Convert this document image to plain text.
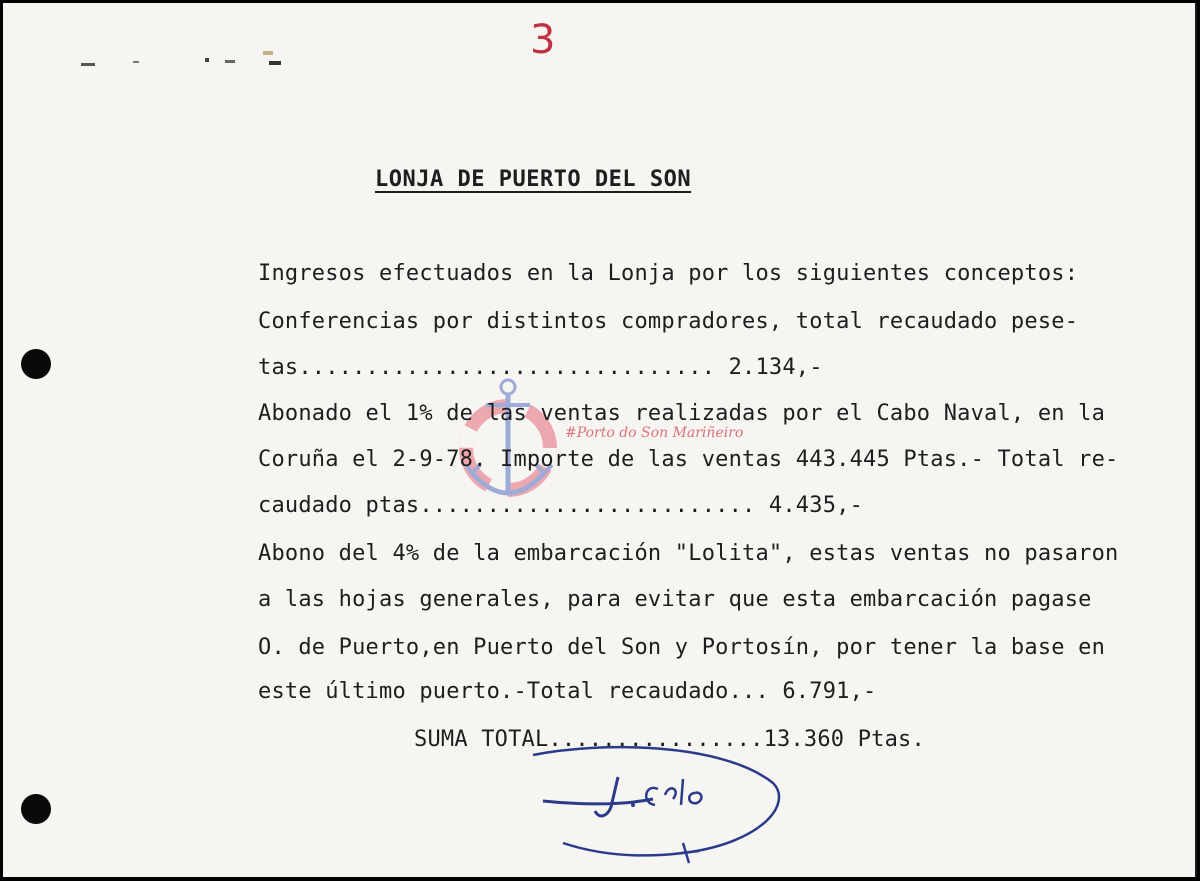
3
#Porto do Son Mariñeiro
LONJA DE PUERTO DEL SON
Ingresos efectuados en la Lonja por los siguientes conceptos:
Conferencias por distintos compradores, total recaudado pese-
tas............................... 2.134,-
Abonado el 1% de las ventas realizadas por el Cabo Naval, en la
Coruña el 2-9-78. Importe de las ventas 443.445 Ptas.- Total re-
caudado ptas......................... 4.435,-
Abono del 4% de la embarcación "Lolita", estas ventas no pasaron
a las hojas generales, para evitar que esta embarcación pagase
O. de Puerto,en Puerto del Son y Portosín, por tener la base en
este último puerto.-Total recaudado... 6.791,-
SUMA TOTAL................13.360 Ptas.
